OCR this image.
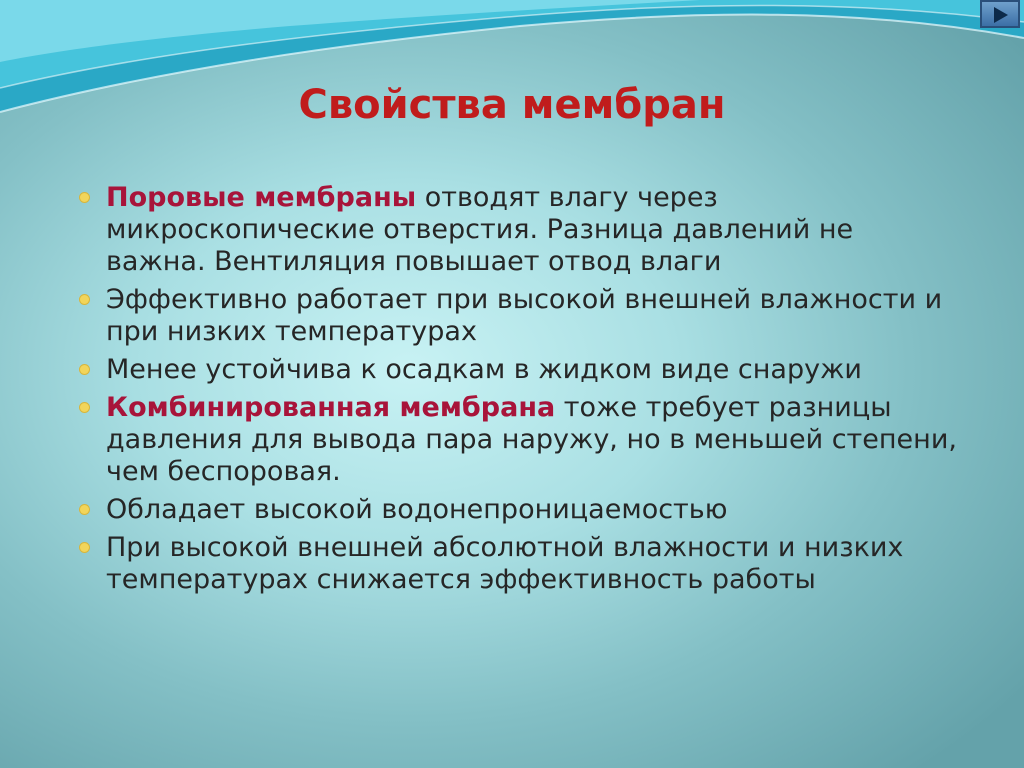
Свойства мембран
Поровые мембраны отводят влагу через микроскопические отверстия. Разница давлений не важна. Вентиляция повышает отвод влаги
Эффективно работает при высокой внешней влажности и при низких температурах
Менее устойчива к осадкам в жидком виде снаружи
Комбинированная мембрана тоже требует разницы давления для вывода пара наружу, но в меньшей степени, чем беспоровая.
Обладает высокой водонепроницаемостью
При высокой внешней абсолютной влажности и низких температурах снижается эффективность работы
